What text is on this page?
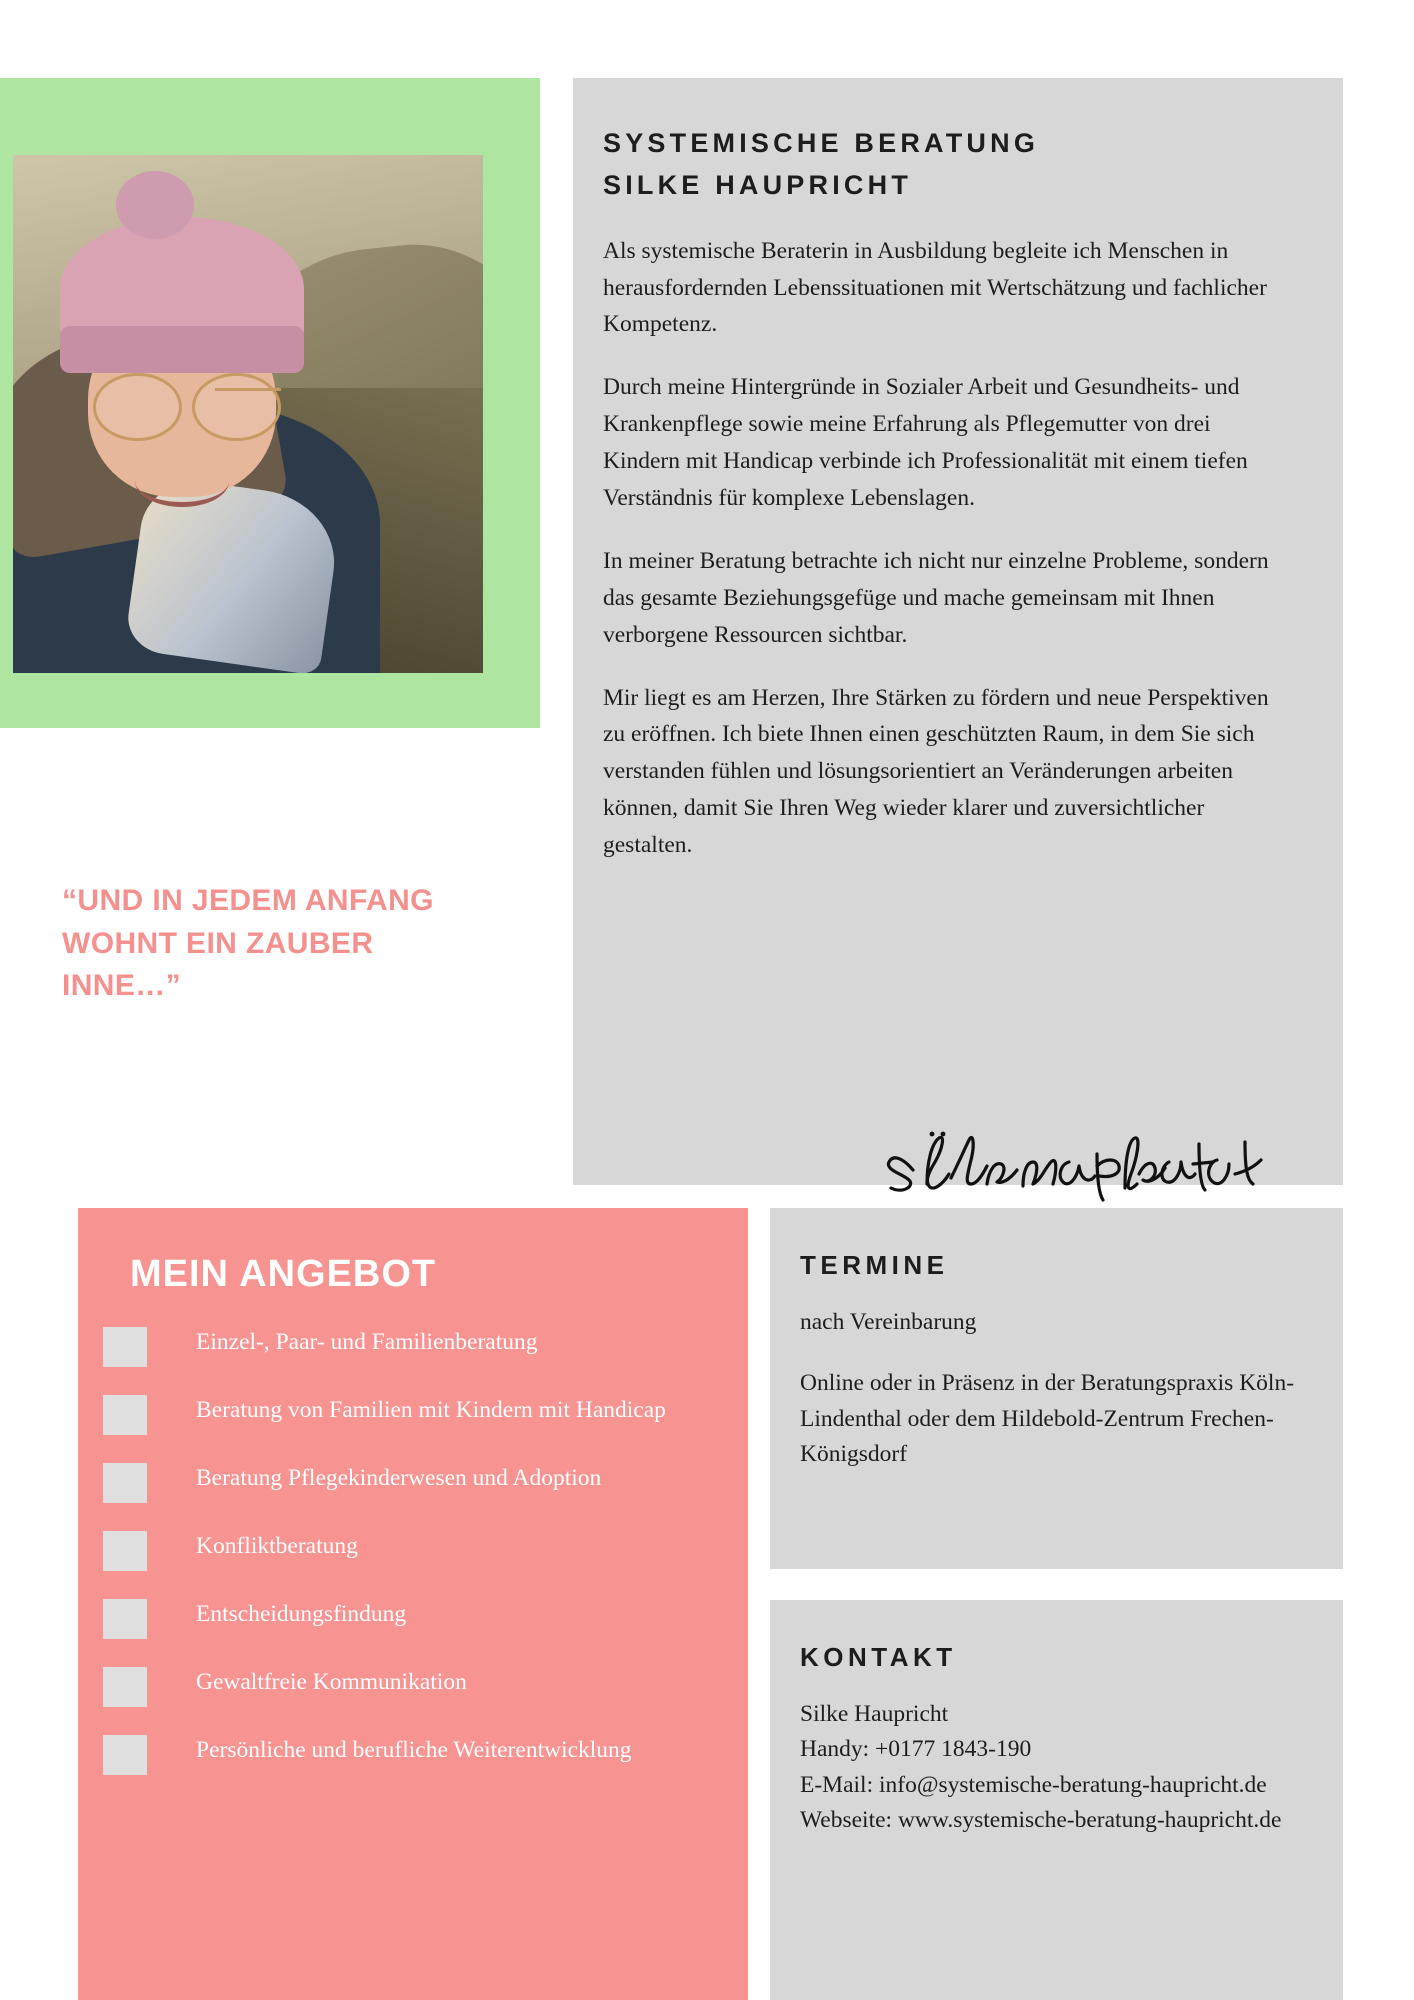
“UND IN JEDEM ANFANG WOHNT EIN ZAUBER INNE…”
SYSTEMISCHE BERATUNG
SILKE HAUPRICHT

Als systemische Beraterin in Ausbildung begleite ich Menschen in herausfordernden Lebenssituationen mit Wertschätzung und fachlicher Kompetenz.

Durch meine Hintergründe in Sozialer Arbeit und Gesundheits- und Krankenpflege sowie meine Erfahrung als Pflegemutter von drei Kindern mit Handicap verbinde ich Professionalität mit einem tiefen Verständnis für komplexe Lebenslagen.

In meiner Beratung betrachte ich nicht nur einzelne Probleme, sondern das gesamte Beziehungsgefüge und mache gemeinsam mit Ihnen verborgene Ressourcen sichtbar.

Mir liegt es am Herzen, Ihre Stärken zu fördern und neue Perspektiven zu eröffnen. Ich biete Ihnen einen geschützten Raum, in dem Sie sich verstanden fühlen und lösungsorientiert an Veränderungen arbeiten können, damit Sie Ihren Weg wieder klarer und zuversichtlicher gestalten.

MEIN ANGEBOT
Einzel-, Paar- und Familienberatung
Beratung von Familien mit Kindern mit Handicap
Beratung Pflegekinderwesen und Adoption
Konfliktberatung
Entscheidungsfindung
Gewaltfreie Kommunikation
Persönliche und berufliche Weiterentwicklung
TERMINE

nach Vereinbarung

Online oder in Präsenz in der Beratungspraxis Köln-Lindenthal oder dem Hildebold-Zentrum Frechen-Königsdorf

KONTAKT
Silke Haupricht
Handy: +0177 1843-190
E-Mail: info@systemische-beratung-haupricht.de
Webseite: www.systemische-beratung-haupricht.de
